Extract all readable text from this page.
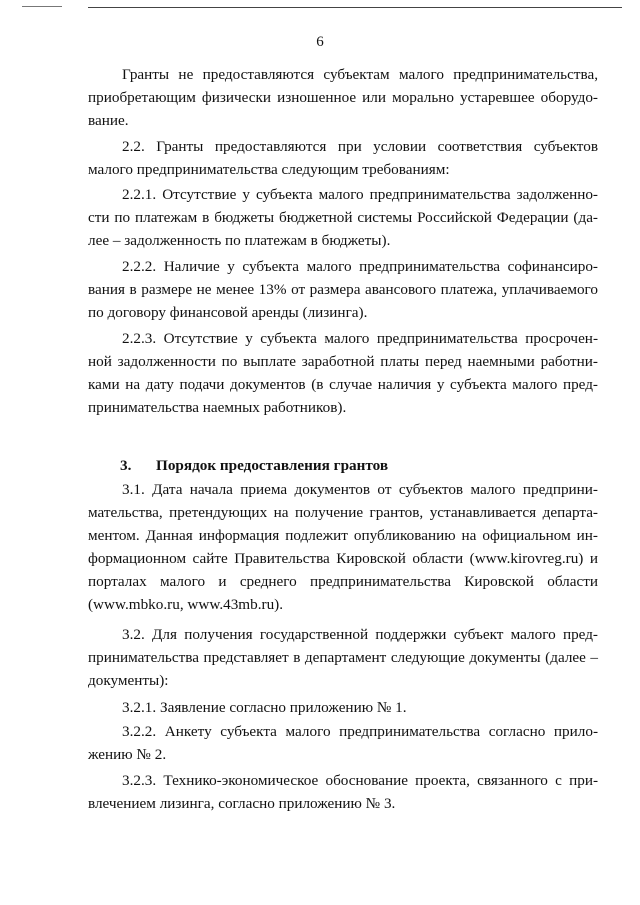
6
Гранты не предоставляются субъектам малого предпринимательства,
приобретающим физически изношенное или морально устаревшее оборудо-
вание.
2.2. Гранты предоставляются при условии соответствия субъектов
малого предпринимательства следующим требованиям:
2.2.1. Отсутствие у субъекта малого предпринимательства задолженно-
сти по платежам в бюджеты бюджетной системы Российской Федерации (да-
лее – задолженность по платежам в бюджеты).
2.2.2. Наличие у субъекта малого предпринимательства софинансиро-
вания в размере не менее 13% от размера авансового платежа, уплачиваемого
по договору финансовой аренды (лизинга).
2.2.3. Отсутствие у субъекта малого предпринимательства просрочен-
ной задолженности по выплате заработной платы перед наемными работни-
ками на дату подачи документов (в случае наличия у субъекта малого пред-
принимательства наемных работников).
3. Порядок предоставления грантов
3.1. Дата начала приема документов от субъектов малого предприни-
мательства, претендующих на получение грантов, устанавливается департа-
ментом. Данная информация подлежит опубликованию на официальном ин-
формационном сайте Правительства Кировской области (www.kirovreg.ru) и
порталах малого и среднего предпринимательства Кировской области
(www.mbko.ru, www.43mb.ru).
3.2. Для получения государственной поддержки субъект малого пред-
принимательства представляет в департамент следующие документы (далее –
документы):
3.2.1. Заявление согласно приложению № 1.
3.2.2. Анкету субъекта малого предпринимательства согласно прило-
жению № 2.
3.2.3. Технико-экономическое обоснование проекта, связанного с при-
влечением лизинга, согласно приложению № 3.
